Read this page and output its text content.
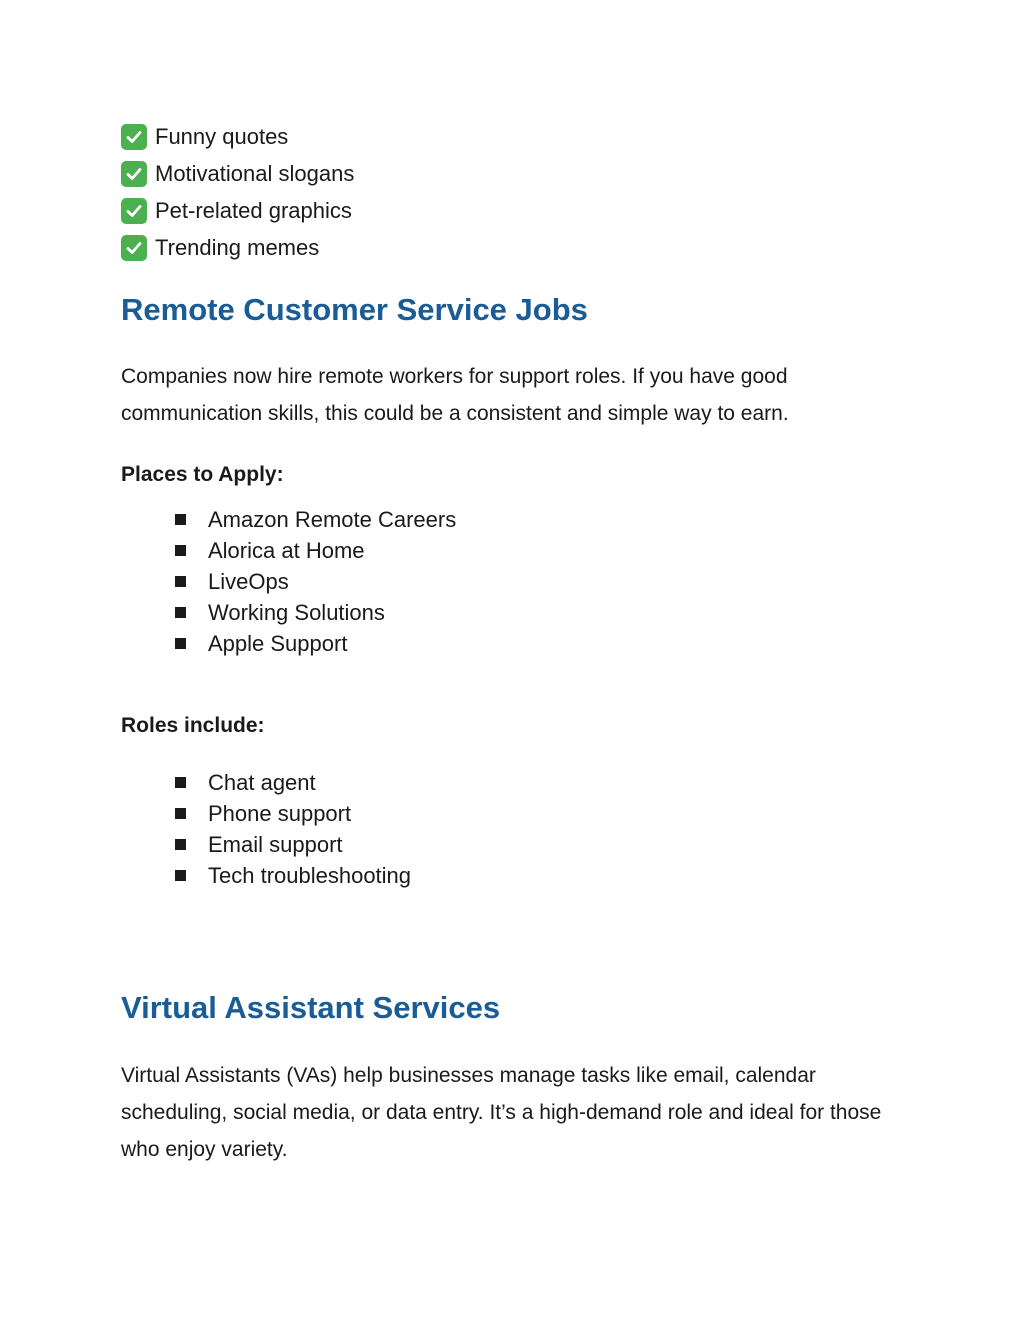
Funny quotes
Motivational slogans
Pet-related graphics
Trending memes
Remote Customer Service Jobs

Companies now hire remote workers for support roles. If you have good communication skills, this could be a consistent and simple way to earn.

Places to Apply:
Amazon Remote Careers
Alorica at Home
LiveOps
Working Solutions
Apple Support
Roles include:
Chat agent
Phone support
Email support
Tech troubleshooting
Virtual Assistant Services

Virtual Assistants (VAs) help businesses manage tasks like email, calendar scheduling, social media, or data entry. It’s a high-demand role and ideal for those who enjoy variety.
